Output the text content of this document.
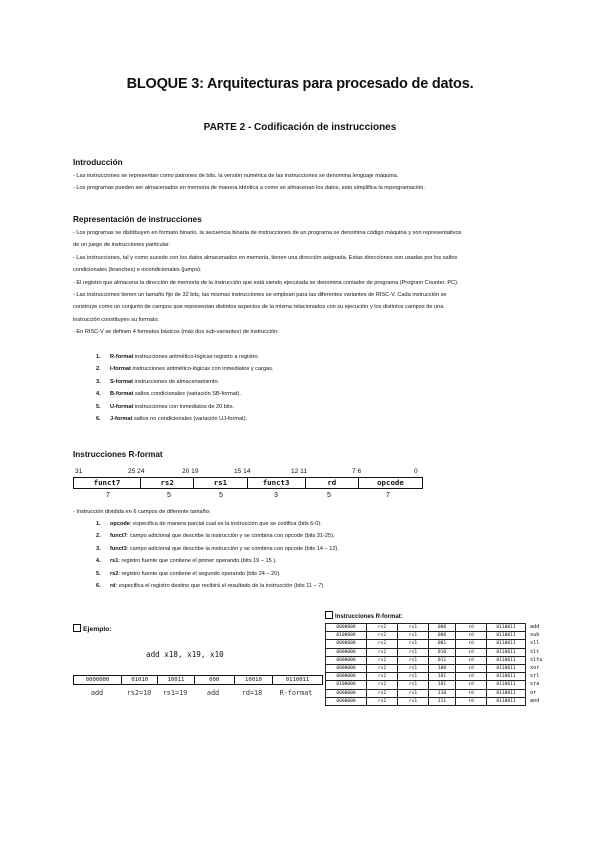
BLOQUE 3: Arquitecturas para procesado de datos.
PARTE 2 - Codificación de instrucciones
Introducción
- Las instrucciones se representan como patrones de bits, la versión numérica de las instrucciones se denomina lenguaje máquina.
- Los programas pueden ser almacenados en memoria de manera idéntica a como se almacenan los datos, esto simplifica la reprogramación.
Representación de instrucciones
- Los programas se distribuyen en formato binario, la secuencia binaria de instrucciones de un programa se denomina código máquina y son representativos
de un juego de instrucciones particular.
- Las instrucciones, tal y como sucede con los datos almacenados en memoria, tienen una dirección asignada. Estas direcciones son usadas por los saltos
condicionales (branches) e incondicionales (jumps).
- El registro que almacena la dirección de memoria de la instrucción que está siendo ejecutada se denomina contador de programa (Program Counter, PC).
- Las instrucciones tienen un tamaño fijo de 32 bits, las mismas instrucciones se emplean para las diferentes variantes de RISC-V. Cada instrucción se
construye como un conjunto de campos que representan distintos aspectos de la misma relacionados con su ejecución y los distintos campos de una
instrucción constituyen su formato.
- En RISC-V se definen 4 formatos básicos (más dos sub-variantes) de instrucción:
1. R-format instrucciones aritmético-lógicas registro a registro.
2. I-format instrucciones aritmético-lógicas con inmediatos y cargas.
3. S-format instrucciones de almacenamiento.
4. B-format saltos condicionales (variación SB-format).
5. U-format instrucciones con inmediatos de 20 bits.
6. J-format saltos no condicionales (variación UJ-format).
Instrucciones R-format
31	25 24	20 19	15 14	12 11	7 6	0
funct7	rs2	rs1	funct3	rd	opcode
7	5	5	3	5	7
- Instrucción dividida en 6 campos de diferente tamaño:
1. opcode: especifica de manera parcial cual es la instrucción que se codifica (bits 6-0).
2. funct7: campo adicional que describe la instrucción y se combina con opcode (bits 31-25).
3. funct3: campo adicional que describe la instrucción y se combina con opcode (bits 14 – 12).
4. rs1: registro fuente que contiene el primer operando (bits 19 – 15 ).
5. rs2: registro fuente que contiene el segundo operando (bits 24 – 20).
6. rd: especifica el registro destino que recibirá el resultado de la instrucción (bits 11 – 7)
Ejemplo:
add x18, x19, x10
0000000	01010	10011	000	10010	0110011
add	rs2=10	rs1=19	add	rd=18	R-format
Instrucciones R-format:
0000000	rs2	rs1	000	rd	0110011	add
0100000	rs2	rs1	000	rd	0110011	sub
0000000	rs2	rs1	001	rd	0110011	sll
0000000	rs2	rs1	010	rd	0110011	slt
0000000	rs2	rs1	011	rd	0110011	sltu
0000000	rs2	rs1	100	rd	0110011	xor
0000000	rs2	rs1	101	rd	0110011	srl
0100000	rs2	rs1	101	rd	0110011	sra
0000000	rs2	rs1	110	rd	0110011	or
0000000	rs2	rs1	111	rd	0110011	and
